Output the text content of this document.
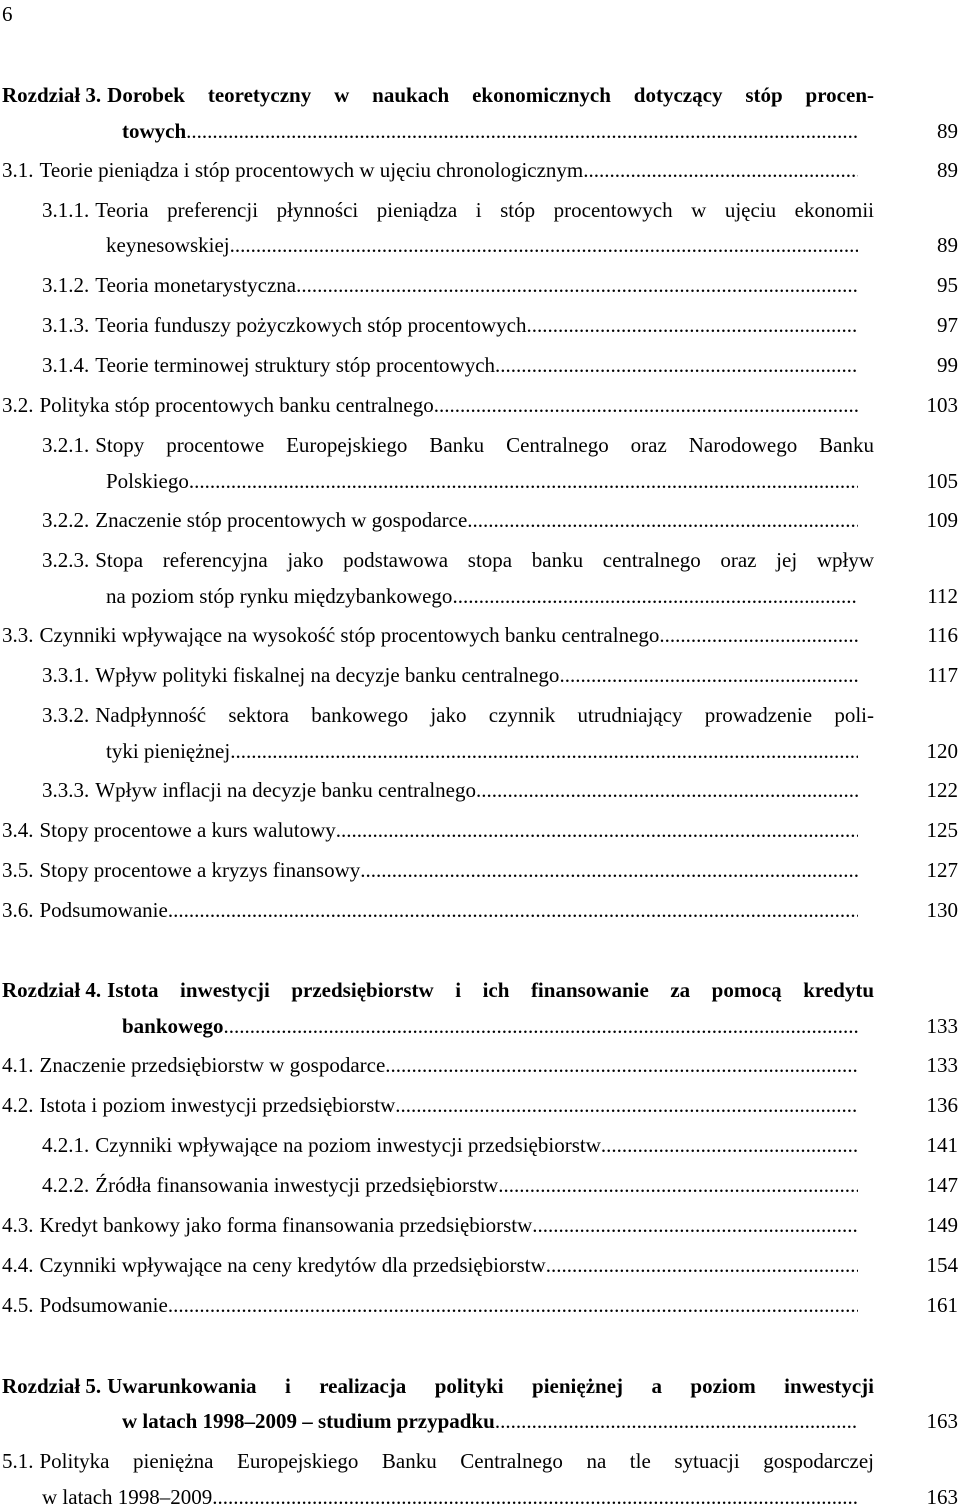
6
Rozdział 3. Dorobek teoretyczny w naukach ekonomicznych dotyczący stóp procen-
towych .....	89
3.1. Teorie pieniądza i stóp procentowych w ujęciu chronologicznym .....	89
3.1.1. Teoria preferencji płynności pieniądza i stóp procentowych w ujęciu ekonomii
keynesowskiej .....	89
3.1.2. Teoria monetarystyczna .....	95
3.1.3. Teoria funduszy pożyczkowych stóp procentowych .....	97
3.1.4. Teorie terminowej struktury stóp procentowych .....	99
3.2. Polityka stóp procentowych banku centralnego .....	103
3.2.1. Stopy procentowe Europejskiego Banku Centralnego oraz Narodowego Banku
Polskiego .....	105
3.2.2. Znaczenie stóp procentowych w gospodarce .....	109
3.2.3. Stopa referencyjna jako podstawowa stopa banku centralnego oraz jej wpływ
na poziom stóp rynku międzybankowego .....	112
3.3. Czynniki wpływające na wysokość stóp procentowych banku centralnego .....	116
3.3.1. Wpływ polityki fiskalnej na decyzje banku centralnego .....	117
3.3.2. Nadpłynność sektora bankowego jako czynnik utrudniający prowadzenie poli-
tyki pieniężnej .....	120
3.3.3. Wpływ inflacji na decyzje banku centralnego .....	122
3.4. Stopy procentowe a kurs walutowy .....	125
3.5. Stopy procentowe a kryzys finansowy .....	127
3.6. Podsumowanie .....	130
Rozdział 4. Istota inwestycji przedsiębiorstw i ich finansowanie za pomocą kredytu
bankowego .....	133
4.1. Znaczenie przedsiębiorstw w gospodarce .....	133
4.2. Istota i poziom inwestycji przedsiębiorstw .....	136
4.2.1. Czynniki wpływające na poziom inwestycji przedsiębiorstw .....	141
4.2.2. Źródła finansowania inwestycji przedsiębiorstw .....	147
4.3. Kredyt bankowy jako forma finansowania przedsiębiorstw .....	149
4.4. Czynniki wpływające na ceny kredytów dla przedsiębiorstw .....	154
4.5. Podsumowanie .....	161
Rozdział 5. Uwarunkowania i realizacja polityki pieniężnej a poziom inwestycji
w latach 1998–2009 – studium przypadku .....	163
5.1. Polityka pieniężna Europejskiego Banku Centralnego na tle sytuacji gospodarczej
w latach 1998–2009 .....	163
